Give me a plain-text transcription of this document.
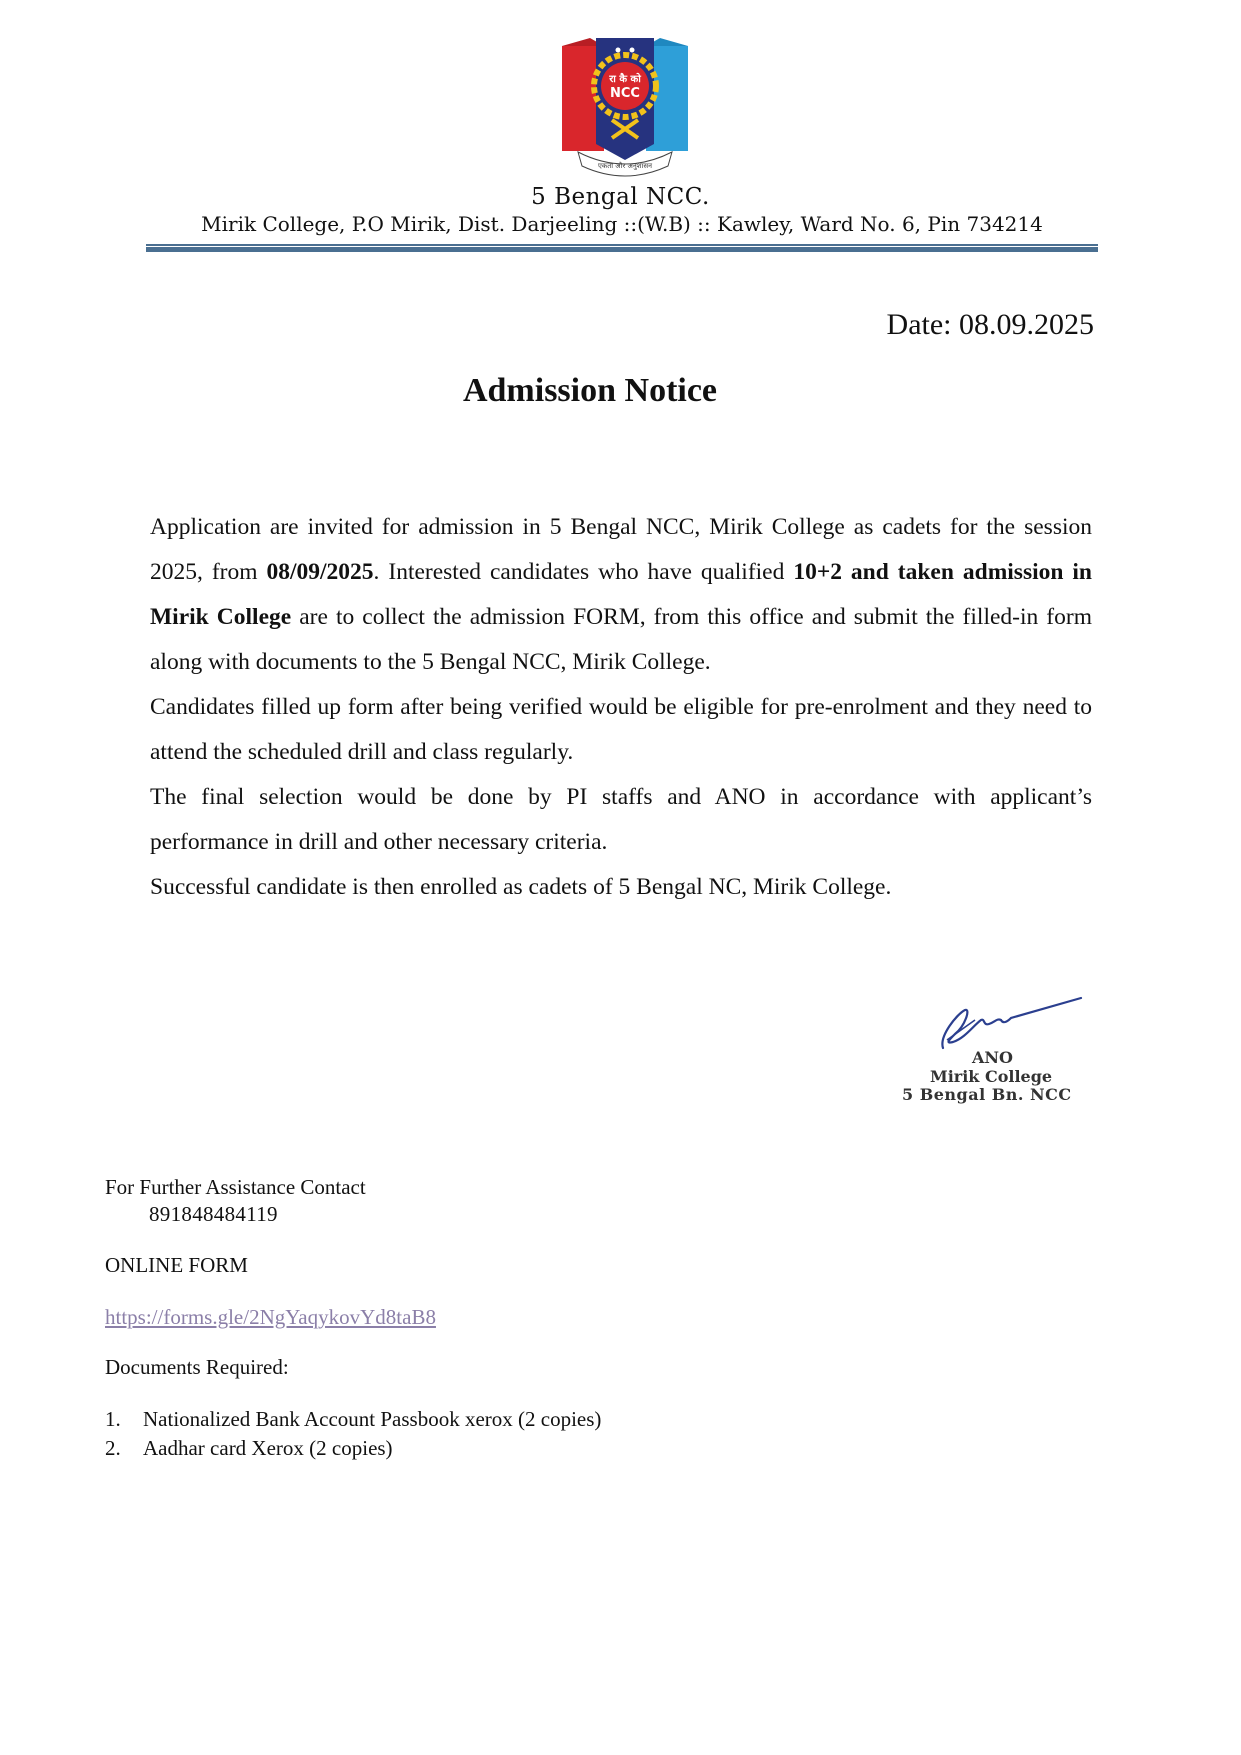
रा कै को
NCC
एकता और अनुशासन
5 Bengal NCC.
Mirik College, P.O Mirik, Dist. Darjeeling ::(W.B) :: Kawley, Ward No. 6, Pin 734214
Date: 08.09.2025
Admission Notice

Application are invited for admission in 5 Bengal NCC, Mirik College as cadets for the session 2025, from 08/09/2025. Interested candidates who have qualified 10+2 and taken admission in Mirik College are to collect the admission FORM, from this office and submit the filled-in form along with documents to the 5 Bengal NCC, Mirik College.

Candidates filled up form after being verified would be eligible for pre-enrolment and they need to attend the scheduled drill and class regularly.

The final selection would be done by PI staffs and ANO in accordance with applicant’s performance in drill and other necessary criteria.

Successful candidate is then enrolled as cadets of 5 Bengal NC, Mirik College.

ANO
Mirik College
5 Bengal Bn. NCC
For Further Assistance Contact
891848484119
ONLINE FORM
https://forms.gle/2NgYaqykovYd8taB8
Documents Required:
1. Nationalized Bank Account Passbook xerox (2 copies)
2. Aadhar card Xerox (2 copies)
